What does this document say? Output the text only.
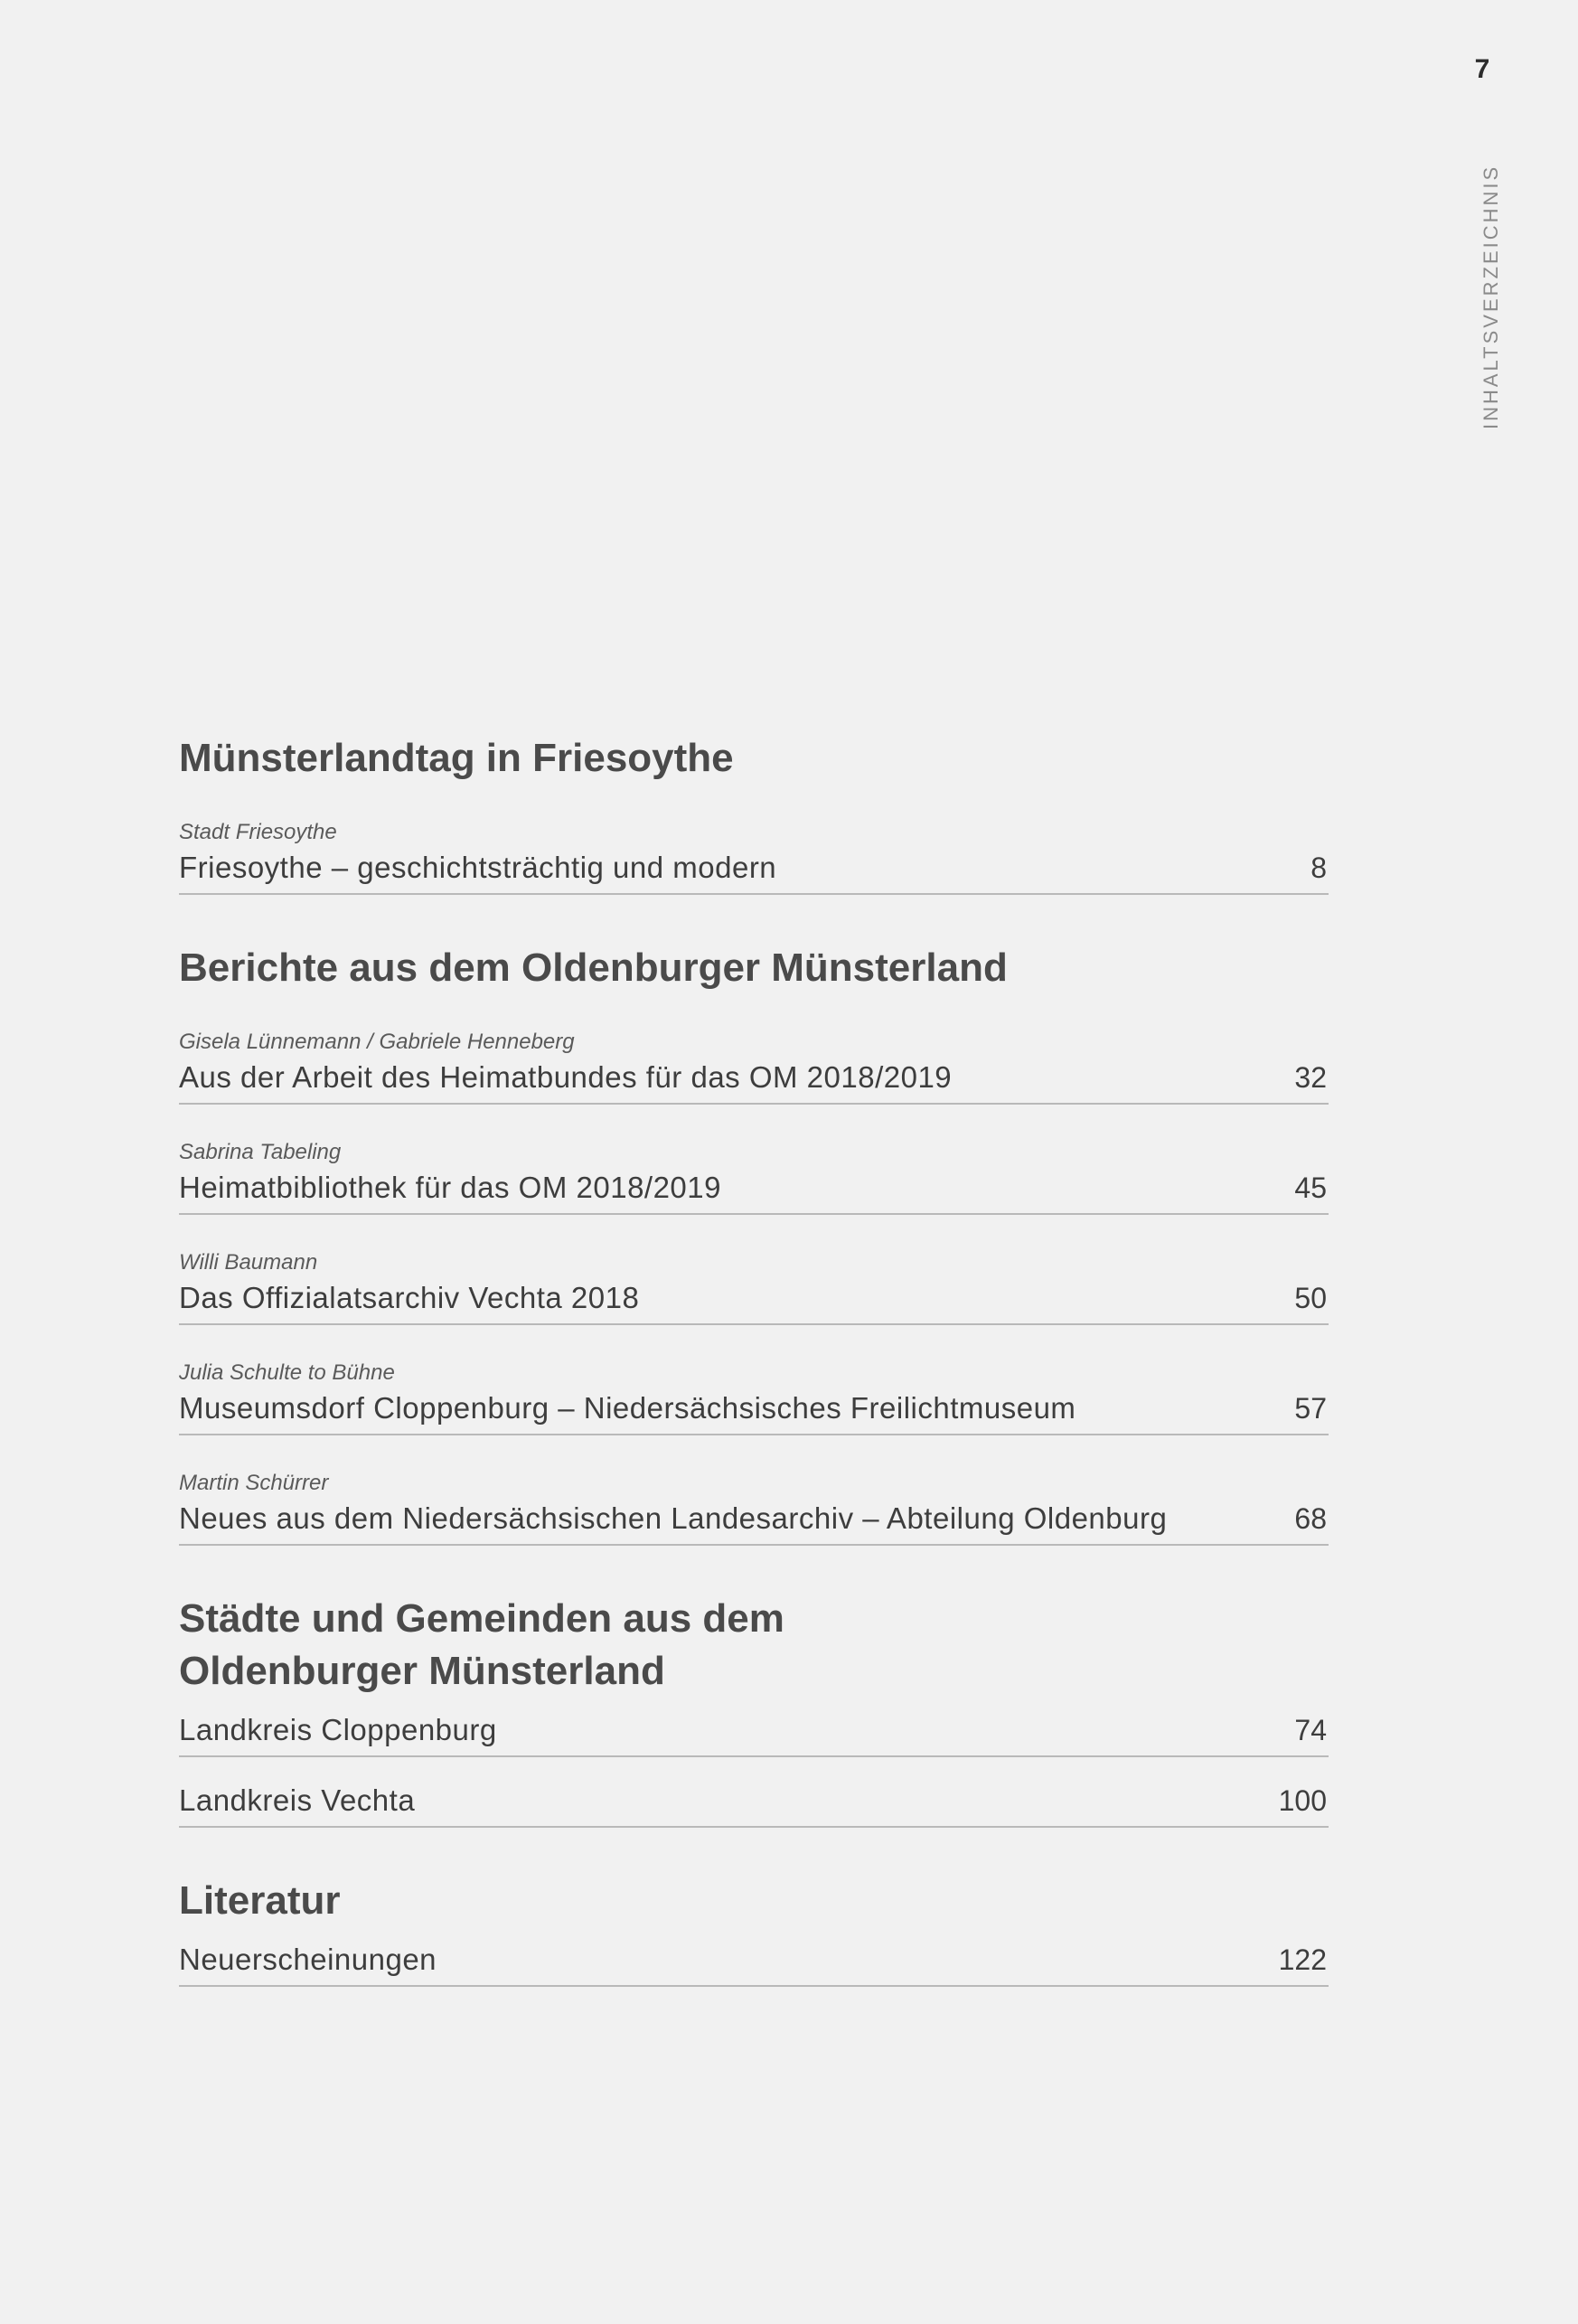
7
INHALTSVERZEICHNIS
Münsterlandtag in Friesoythe
Stadt Friesoythe
Friesoythe – geschichtsträchtig und modern	8
Berichte aus dem Oldenburger Münsterland
Gisela Lünnemann / Gabriele Henneberg
Aus der Arbeit des Heimatbundes für das OM 2018/2019	32
Sabrina Tabeling
Heimatbibliothek für das OM 2018/2019	45
Willi Baumann
Das Offizialatsarchiv Vechta 2018	50
Julia Schulte to Bühne
Museumsdorf Cloppenburg – Niedersächsisches Freilichtmuseum	57
Martin Schürrer
Neues aus dem Niedersächsischen Landesarchiv – Abteilung Oldenburg	68
Städte und Gemeinden aus dem
Oldenburger Münsterland
Landkreis Cloppenburg	74
Landkreis Vechta	100
Literatur
Neuerscheinungen	122
